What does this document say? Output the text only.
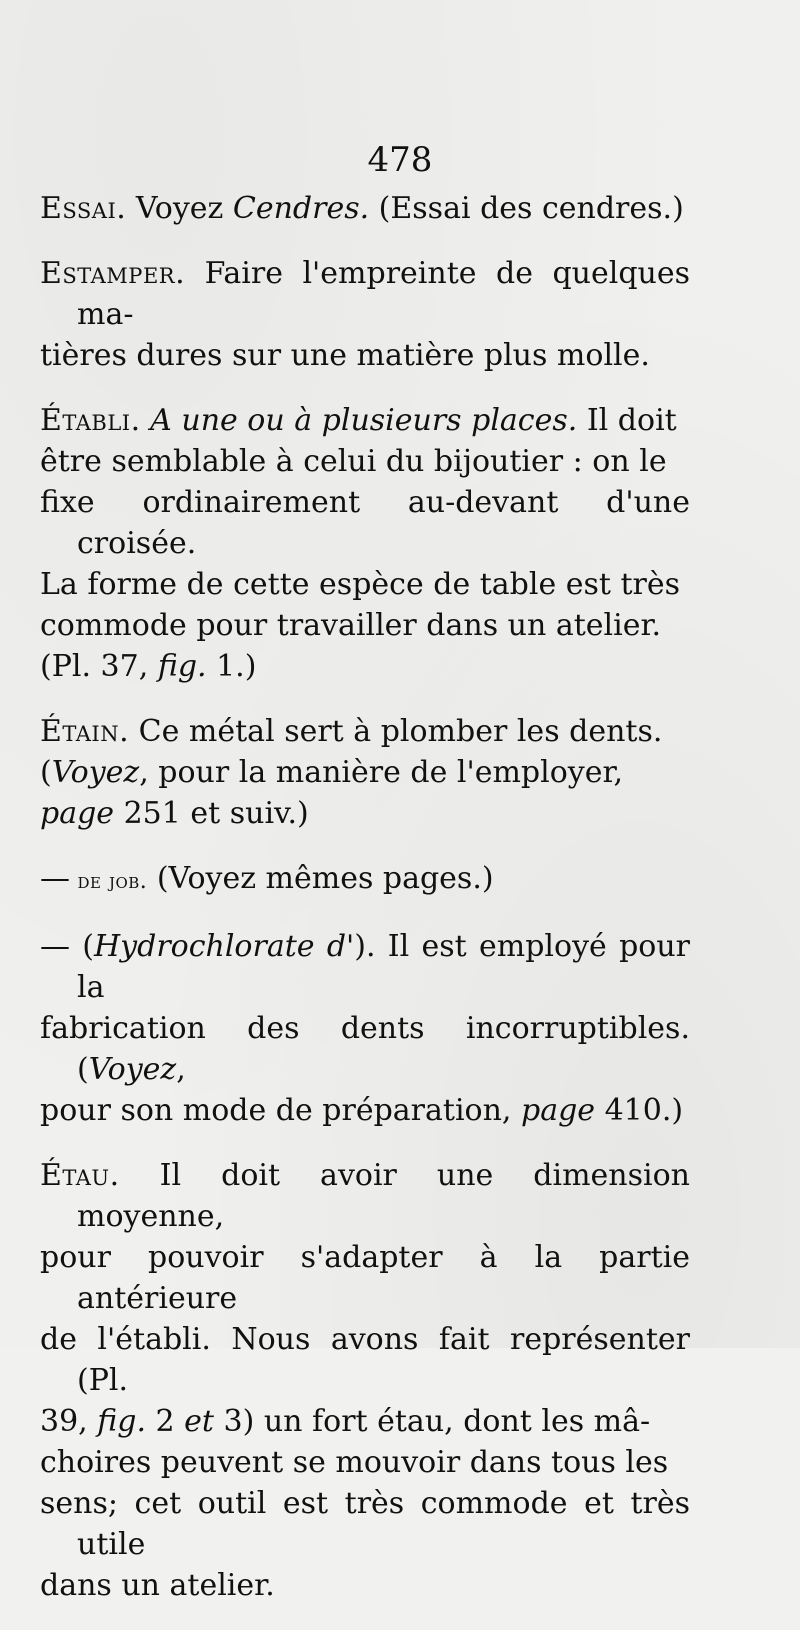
478

Essai. Voyez Cendres. (Essai des cendres.)

Estamper. Faire l'empreinte de quelques ma-
tières dures sur une matière plus molle.

Établi. A une ou à plusieurs places. Il doit
être semblable à celui du bijoutier : on le
fixe ordinairement au-devant d'une croisée.
La forme de cette espèce de table est très
commode pour travailler dans un atelier.
(Pl. 37, fig. 1.)

Étain. Ce métal sert à plomber les dents.
(Voyez, pour la manière de l'employer,
page 251 et suiv.)

— de job. (Voyez mêmes pages.)

— (Hydrochlorate d'). Il est employé pour la
fabrication des dents incorruptibles. (Voyez,
pour son mode de préparation, page 410.)

Étau. Il doit avoir une dimension moyenne,
pour pouvoir s'adapter à la partie antérieure
de l'établi. Nous avons fait représenter (Pl.
39, fig. 2 et 3) un fort étau, dont les mâ-
choires peuvent se mouvoir dans tous les
sens; cet outil est très commode et très utile
dans un atelier.
